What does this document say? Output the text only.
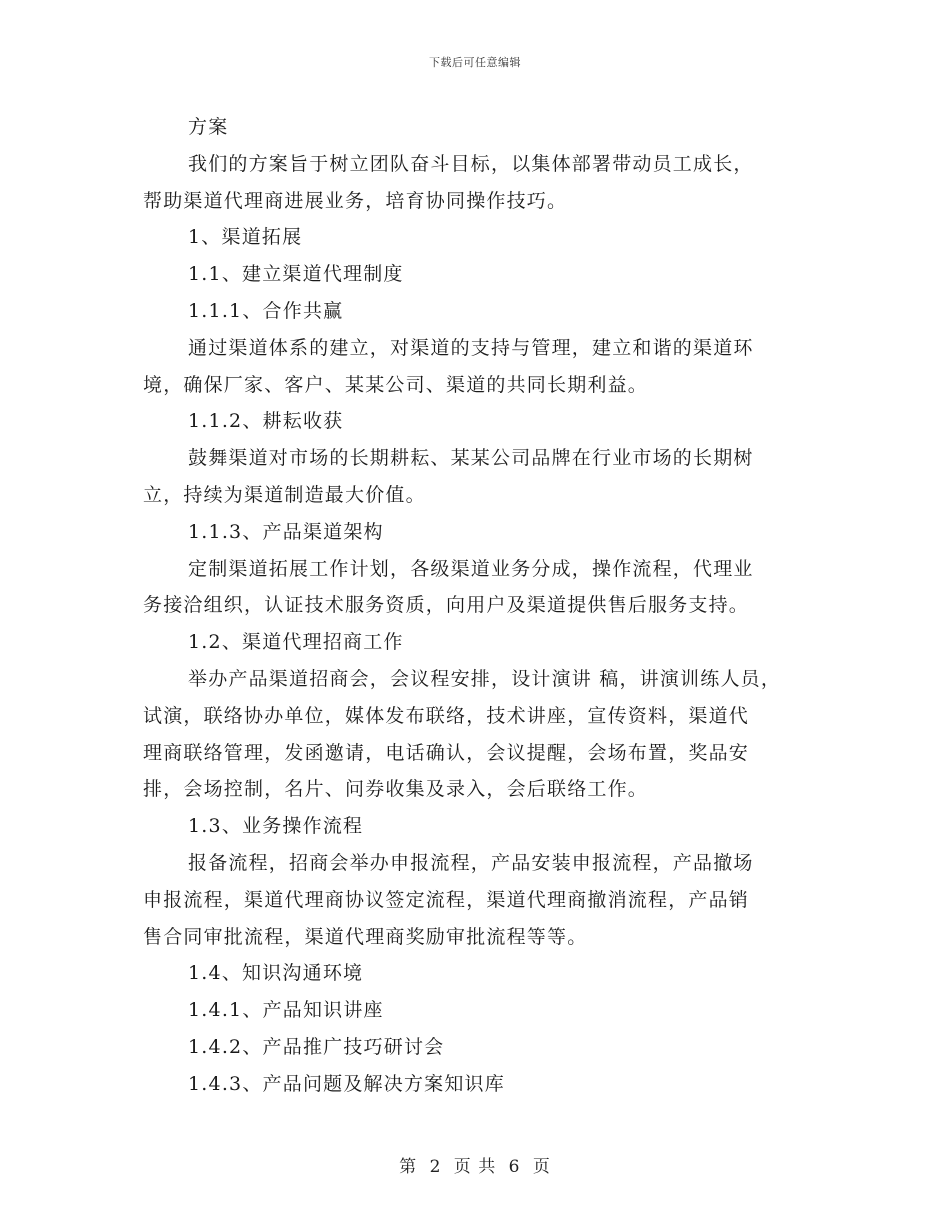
下载后可任意编辑
方案
我们的方案旨于树立团队奋斗目标，以集体部署带动员工成长，
帮助渠道代理商进展业务，培育协同操作技巧。
1、渠道拓展
1.1、建立渠道代理制度
1.1.1、合作共赢
通过渠道体系的建立，对渠道的支持与管理，建立和谐的渠道环
境，确保厂家、客户、某某公司、渠道的共同长期利益。
1.1.2、耕耘收获
鼓舞渠道对市场的长期耕耘、某某公司品牌在行业市场的长期树
立，持续为渠道制造最大价值。
1.1.3、产品渠道架构
定制渠道拓展工作计划，各级渠道业务分成，操作流程，代理业
务接洽组织，认证技术服务资质，向用户及渠道提供售后服务支持。
1.2、渠道代理招商工作
举办产品渠道招商会，会议程安排，设计演讲 稿，讲演训练人员，
试演，联络协办单位，媒体发布联络，技术讲座，宣传资料，渠道代
理商联络管理，发函邀请，电话确认，会议提醒，会场布置，奖品安
排，会场控制，名片、问券收集及录入，会后联络工作。
1.3、业务操作流程
报备流程，招商会举办申报流程，产品安装申报流程，产品撤场
申报流程，渠道代理商协议签定流程，渠道代理商撤消流程，产品销
售合同审批流程，渠道代理商奖励审批流程等等。
1.4、知识沟通环境
1.4.1、产品知识讲座
1.4.2、产品推广技巧研讨会
1.4.3、产品问题及解决方案知识库
第 2 页 共 6 页
